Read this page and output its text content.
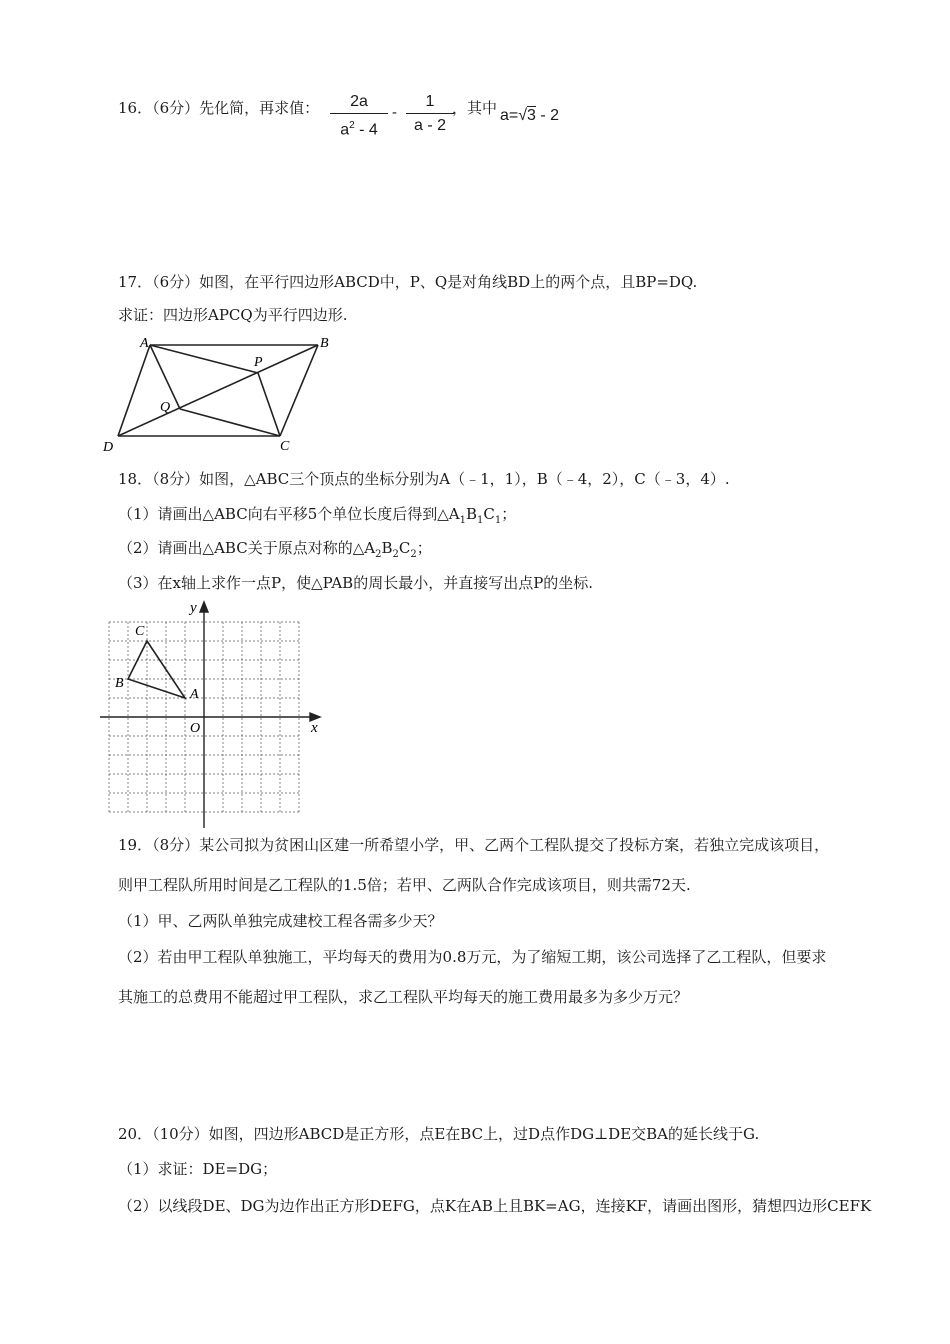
16．（6分）先化简，再求值：	2a
$a^2 - 4$
-
1
a - 2
，其中 a=√3 - 2
17．（6分）如图，在平行四边形ABCD中，P、Q是对角线BD上的两个点，且BP=DQ.
求证：四边形APCQ为平行四边形.
A	B
P
Q
D	C
18．（8分）如图，△ABC三个顶点的坐标分别为A（﹣1，1），B（﹣4，2），C（﹣3，4）.
（1）请画出△ABC向右平移5个单位长度后得到$\triangle A_1B_1C_1$；
（2）请画出△ABC关于原点对称的$\triangle A_2B_2C_2$；
（3）在x轴上求作一点P，使△PAB的周长最小，并直接写出点P的坐标.
A
B
C
x
y
O
19．（8分）某公司拟为贫困山区建一所希望小学，甲、乙两个工程队提交了投标方案，若独立完成该项目，
则甲工程队所用时间是乙工程队的1.5倍；若甲、乙两队合作完成该项目，则共需72天.
（1）甲、乙两队单独完成建校工程各需多少天？
（2）若由甲工程队单独施工，平均每天的费用为0.8万元，为了缩短工期，该公司选择了乙工程队，但要求
其施工的总费用不能超过甲工程队，求乙工程队平均每天的施工费用最多为多少万元？
20．（10分）如图，四边形ABCD是正方形，点E在BC上，过D点作DG⊥DE交BA的延长线于G.
（1）求证：DE=DG；
（2）以线段DE、DG为边作出正方形DEFG，点K在AB上且BK=AG，连接KF，请画出图形，猜想四边形CEFK
